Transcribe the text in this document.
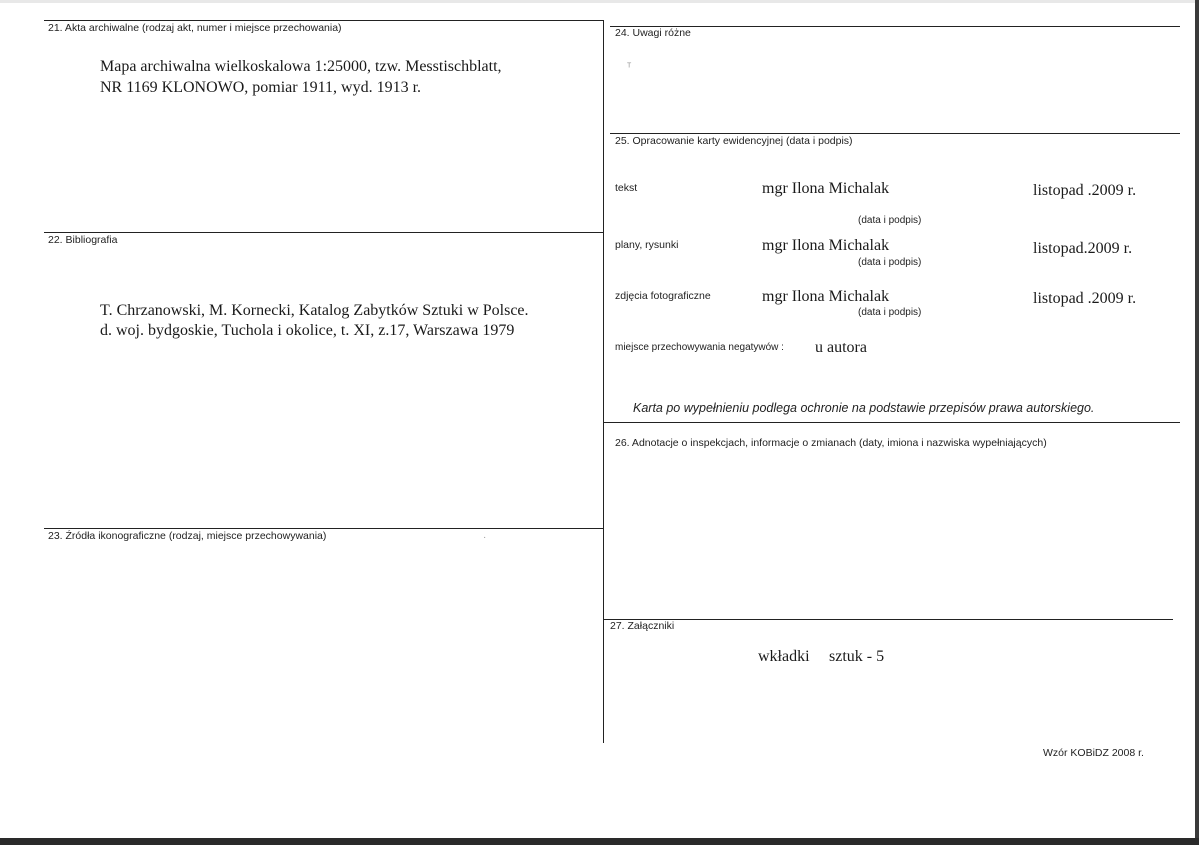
21. Akta archiwalne (rodzaj akt, numer i miejsce przechowania)
Mapa archiwalna wielkoskalowa 1:25000, tzw. Messtischblatt,
NR 1169 KLONOWO, pomiar 1911, wyd. 1913 r.
22. Bibliografia
T. Chrzanowski, M. Kornecki, Katalog Zabytków Sztuki w Polsce.
d. woj. bydgoskie, Tuchola i okolice, t. XI, z.17, Warszawa 1979
23. Źródła ikonograficzne (rodzaj, miejsce przechowywania)	·
24. Uwagi różne
ᵀ
25. Opracowanie karty ewidencyjnej (data i podpis)
tekst	mgr Ilona Michalak	listopad .2009 r.
(data i podpis)
plany, rysunki	mgr Ilona Michalak	listopad.2009 r.
(data i podpis)
zdjęcia fotograficzne	mgr Ilona Michalak	listopad .2009 r.
(data i podpis)
miejsce przechowywania negatywów : u autora
Karta po wypełnieniu podlega ochronie na podstawie przepisów prawa autorskiego.
26. Adnotacje o inspekcjach, informacje o zmianach (daty, imiona i nazwiska wypełniających)
27. Załączniki
wkładki sztuk - 5
Wzór KOBiDZ 2008 r.
